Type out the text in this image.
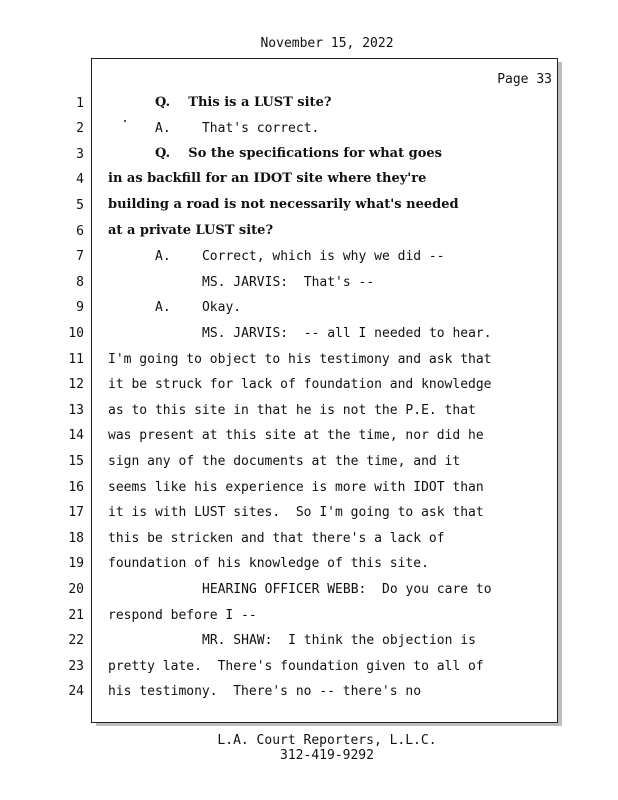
November 15, 2022
Page 33
1
2
3
4
5
6
7
8
9
10
11
12
13
14
15
16
17
18
19
20
21
22
23
24
Q.    This is a LUST site?
A.    That's correct.
Q.    So the specifications for what goes
in as backfill for an IDOT site where they're
building a road is not necessarily what's needed
at a private LUST site?
A.    Correct, which is why we did --
MS. JARVIS:  That's --
A.    Okay.
MS. JARVIS:  -- all I needed to hear.
I'm going to object to his testimony and ask that
it be struck for lack of foundation and knowledge
as to this site in that he is not the P.E. that
was present at this site at the time, nor did he
sign any of the documents at the time, and it
seems like his experience is more with IDOT than
it is with LUST sites.  So I'm going to ask that
this be stricken and that there's a lack of
foundation of his knowledge of this site.
HEARING OFFICER WEBB:  Do you care to
respond before I --
MR. SHAW:  I think the objection is
pretty late.  There's foundation given to all of
his testimony.  There's no -- there's no
L.A. Court Reporters, L.L.C.
312-419-9292
